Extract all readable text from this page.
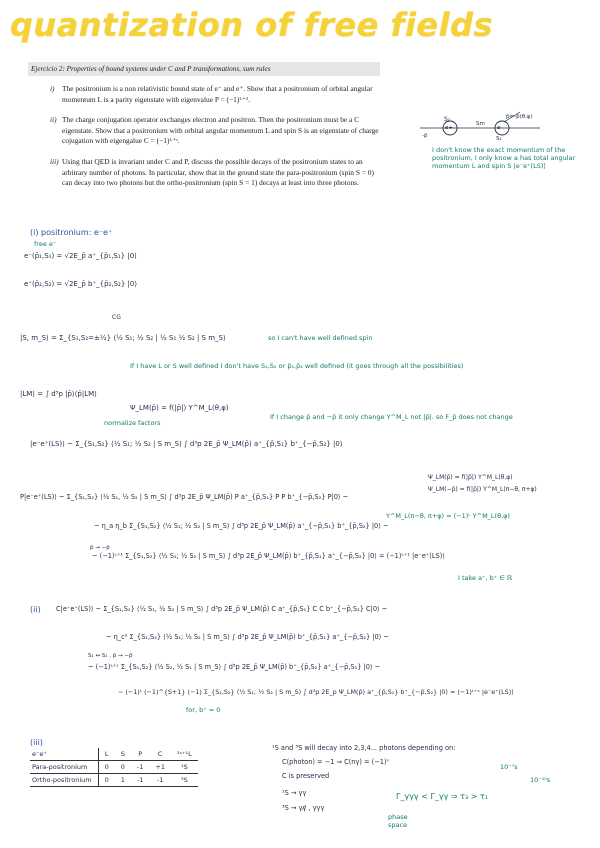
quantization of free fields
Ejercicio 2: Properties of bound systems under C and P transformations, sum rules
i) The positronium is a non relativistic bound state of e⁻ and e⁺. Show that a positronium of orbital angular momentum L is a parity eigenstate with eigenvalue P = (−1)ᴸ⁺¹.
ii) The charge conjugation operator exchanges electron and positron. Then the positronium must be a C eigenstate. Show that a positronium with orbital angular momentum L and spin S is an eigenstate of charge cojugation with eigengalue C = (−1)ᴸ⁺ˢ.
iii) Using that QED is invariant under C and P, discuss the possible decays of the positronium states to an arbitrary number of photons. In particular, show that in the ground state the para-positronium (spin S = 0) can decay into two photons but the ortho-positronium (spin S = 1) decays at least into three photons.
S₂
Sm
p̄=-p̄(θ,φ)
-p̄	S₁
e+	e-
I don't know the exact momentum of the positronium, I only know a has total angular momentum L and spin S |e⁻e⁺(LS)⟩
(i) positronium: e⁻e⁺
free e⁻
e⁻(p̄₁,S₁) = √2E_p̄ a⁺_{p̄₁,S₁} |0⟩
e⁺(p̄₂,S₂) = √2E_p̄ b⁺_{p̄₂,S₂} |0⟩
CG
|S, m_S⟩ = Σ_{S₁,S₂=±½} ⟨½ S₁; ½ S₂ | ½ S₁ ½ S₂ | S m_S⟩	so I can't have well defined spin
If I have L or S well defined I don't have S₁,S₂ or p̄₁,p̄₂ well defined (it goes through all the possibilities)
|LM⟩ = ∫ d³p |p̄⟩⟨p̄|LM⟩
Ψ_LM(p̄) = f(|p̄|) Y^M_L(θ,φ)
normalize factors
If I change p̄ and −p̄ it only change Y^M_L not |p̄|. so F_p̄ does not change
|e⁻e⁺(LS)⟩ ~ Σ_{S₁,S₂} ⟨½ S₁; ½ S₂ | S m_S⟩ ∫ d³p 2E_p̄ Ψ_LM(p̄) a⁺_{p̄,S₁} b⁺_{−p̄,S₂} |0⟩
P|e⁻e⁺(LS)⟩ ~ Σ_{S₁,S₂} ⟨½ S₁, ½ S₂ | S m_S⟩ ∫ d³p 2E_p̄ Ψ_LM(p̄) P a⁺_{p̄,S₁} P P b⁺_{−p̄,S₂} P|0⟩ ~
Ψ_LM(p̄) = f(|p̄|) Y^M_L(θ,φ)
Ψ_LM(−p̄) = f(|p̄|) Y^M_L(π−θ, π+φ)
~ η_a η_b Σ_{S₁,S₂} ⟨½ S₁; ½ S₂ | S m_S⟩ ∫ d³p 2E_p̄ Ψ_LM(p̄) a⁺_{−p̄,S₁} b⁺_{p̄,S₂} |0⟩ ~
Y^M_L(π−θ, π+φ) = (−1)ᴸ Y^M_L(θ,φ)
p̄ → −p̄
~ (−1)ᴸ⁺¹ Σ_{S₁,S₂} ⟨½ S₁; ½ S₂ | S m_S⟩ ∫ d³p 2E_p̄ Ψ_LM(p̄) b⁺_{p̄,S₁} a⁺_{−p̄,S₂} |0⟩ = (−1)ᴸ⁺¹ |e⁻e⁺(LS)⟩
I take a⁺, b⁺ ∈ ℝ
(ii) C|e⁻e⁺(LS)⟩ ~ Σ_{S₁,S₂} ⟨½ S₁, ½ S₂ | S m_S⟩ ∫ d³p 2E_p̄ Ψ_LM(p̄) C a⁺_{p̄,S₁} C C b⁺_{−p̄,S₂} C|0⟩ ~
~ η_c² Σ_{S₁,S₂} ⟨½ S₁; ½ S₂ | S m_S⟩ ∫ d³p 2E_p̄ Ψ_LM(p̄) b⁺_{p̄,S₁} a⁺_{−p̄,S₂} |0⟩ ~
S₁ ↔ S₂ , p̄ → −p̄
~ (−1)ᴸ⁺ˢ Σ_{S₁,S₂} ⟨½ S₂, ½ S₁ | S m_S⟩ ∫ d³p 2E_p̄ Ψ_LM(p̄) b⁺_{p̄,S₂} a⁺_{−p̄,S₁} |0⟩ ~
~ (−1)ᴸ (−1)^{S+1} (−1) Σ_{S₁,S₂} ⟨½ S₁; ½ S₂ | S m_S⟩ ∫ d³p 2E_p Ψ_LM(p̄) a⁺_{p̄,S₁} b⁺_{−p̄,S₂} |0⟩ = (−1)ᴸ⁺ˢ |e⁻e⁺(LS)⟩
for, b⁺ = 0
(iii)
e⁻e⁺	L	S	P	C	²ˢ⁺¹L
Para-positronium	0	0	-1	+1	¹S
Ortho-positronium	0	1	-1	-1	³S
¹S and ³S will decay into 2,3,4... photons depending on:
C(photon) = −1 ⇒ C(nγ) = (−1)ⁿ
C is preserved
¹S → γγ
³S → γγ̸ , γγγ
10⁻⁷s
10⁻¹⁰s
Γ_γγγ < Γ_γγ ⇒ τ₃ > τ₁
phase space
